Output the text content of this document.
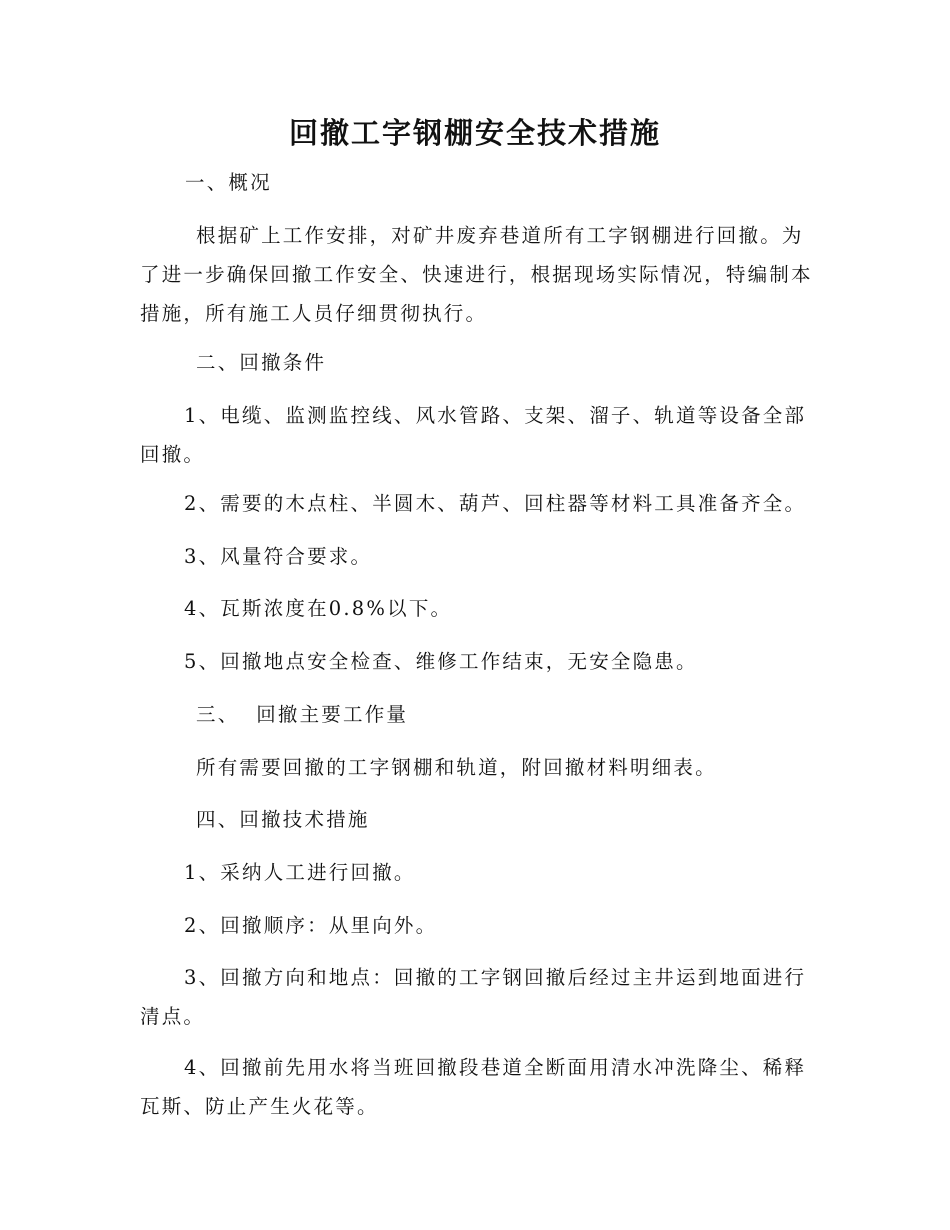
回撤工字钢棚安全技术措施

一、概况

根据矿上工作安排，对矿井废弃巷道所有工字钢棚进行回撤。为了进一步确保回撤工作安全、快速进行，根据现场实际情况，特编制本措施，所有施工人员仔细贯彻执行。

二、回撤条件

1、电缆、监测监控线、风水管路、支架、溜子、轨道等设备全部回撤。

2、需要的木点柱、半圆木、葫芦、回柱器等材料工具准备齐全。

3、风量符合要求。

4、瓦斯浓度在0.8%以下。

5、回撤地点安全检查、维修工作结束，无安全隐患。

三、  回撤主要工作量

所有需要回撤的工字钢棚和轨道，附回撤材料明细表。

四、回撤技术措施

1、采纳人工进行回撤。

2、回撤顺序：从里向外。

3、回撤方向和地点：回撤的工字钢回撤后经过主井运到地面进行清点。

4、回撤前先用水将当班回撤段巷道全断面用清水冲洗降尘、稀释瓦斯、防止产生火花等。
